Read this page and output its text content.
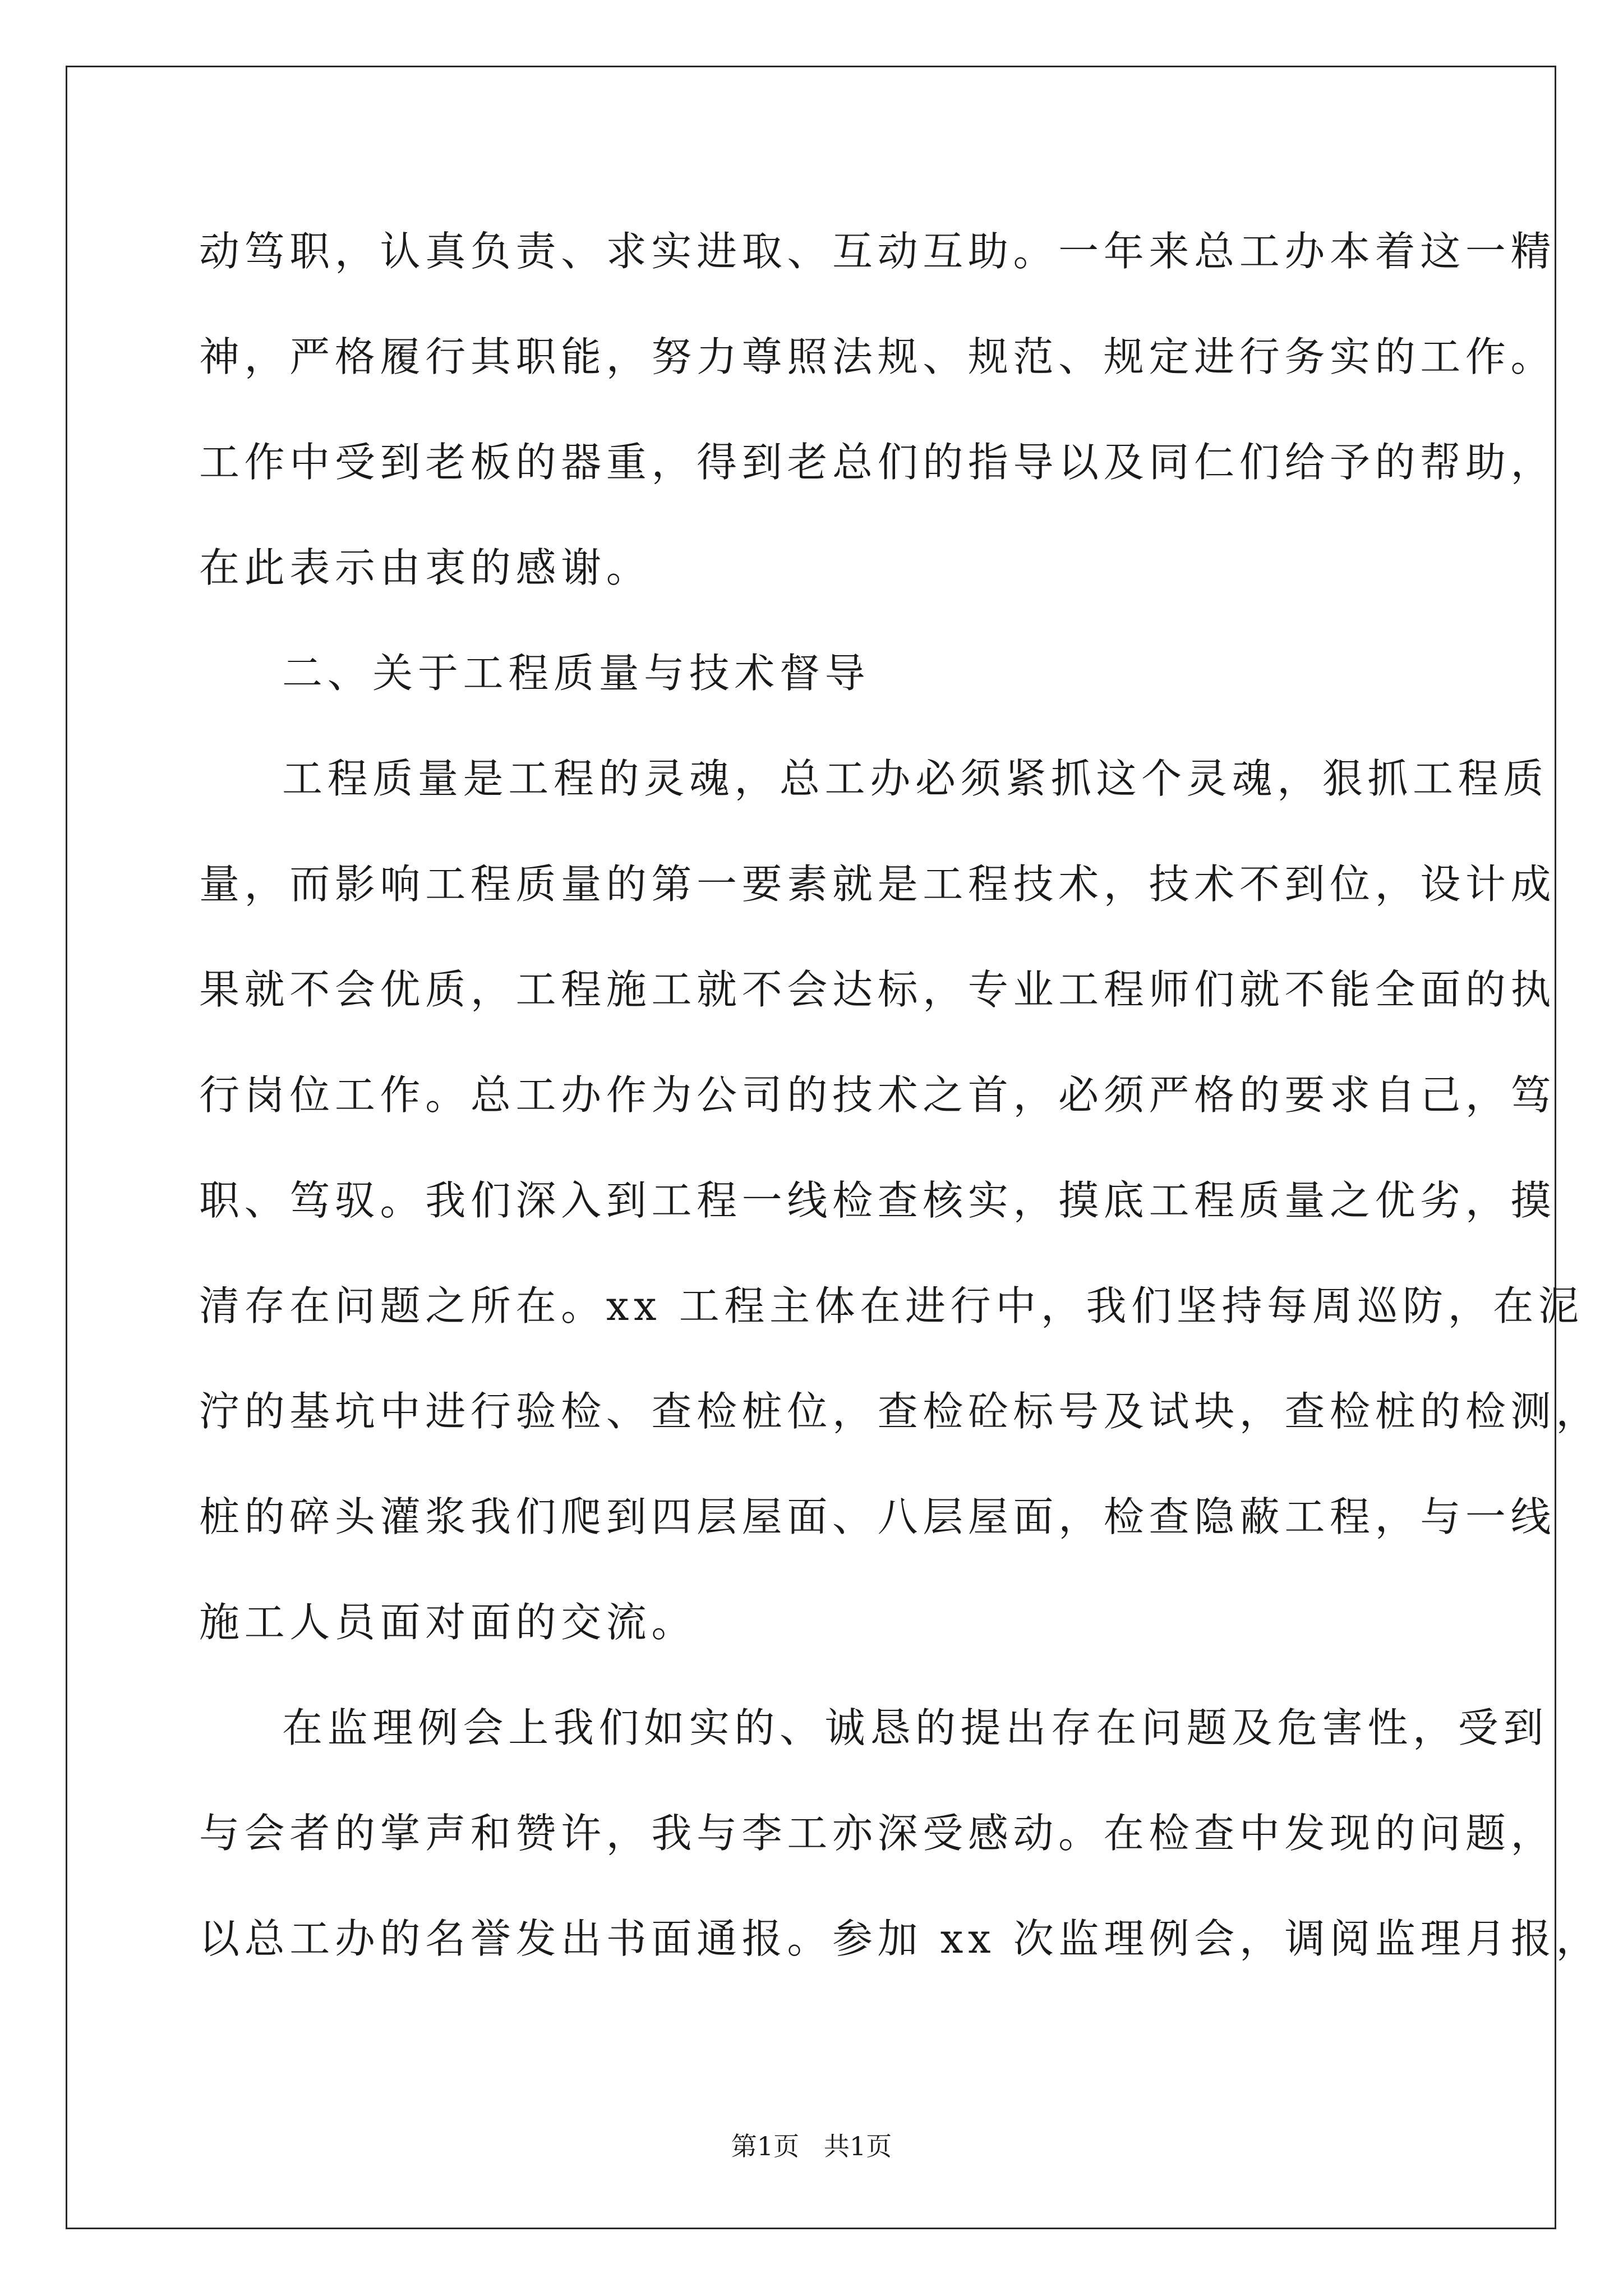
动笃职，认真负责、求实进取、互动互助。一年来总工办本着这一精
神，严格履行其职能，努力尊照法规、规范、规定进行务实的工作。
工作中受到老板的器重，得到老总们的指导以及同仁们给予的帮助，
在此表示由衷的感谢。
二、关于工程质量与技术督导
工程质量是工程的灵魂，总工办必须紧抓这个灵魂，狠抓工程质
量，而影响工程质量的第一要素就是工程技术，技术不到位，设计成
果就不会优质，工程施工就不会达标，专业工程师们就不能全面的执
行岗位工作。总工办作为公司的技术之首，必须严格的要求自己，笃
职、笃驭。我们深入到工程一线检查核实，摸底工程质量之优劣，摸
清存在问题之所在。xx 工程主体在进行中，我们坚持每周巡防，在泥
泞的基坑中进行验检、查检桩位，查检砼标号及试块，查检桩的检测，
桩的碎头灌浆我们爬到四层屋面、八层屋面，检查隐蔽工程，与一线
施工人员面对面的交流。
在监理例会上我们如实的、诚恳的提出存在问题及危害性，受到
与会者的掌声和赞许，我与李工亦深受感动。在检查中发现的问题，
以总工办的名誉发出书面通报。参加 xx 次监理例会，调阅监理月报，
第1页   共1页
